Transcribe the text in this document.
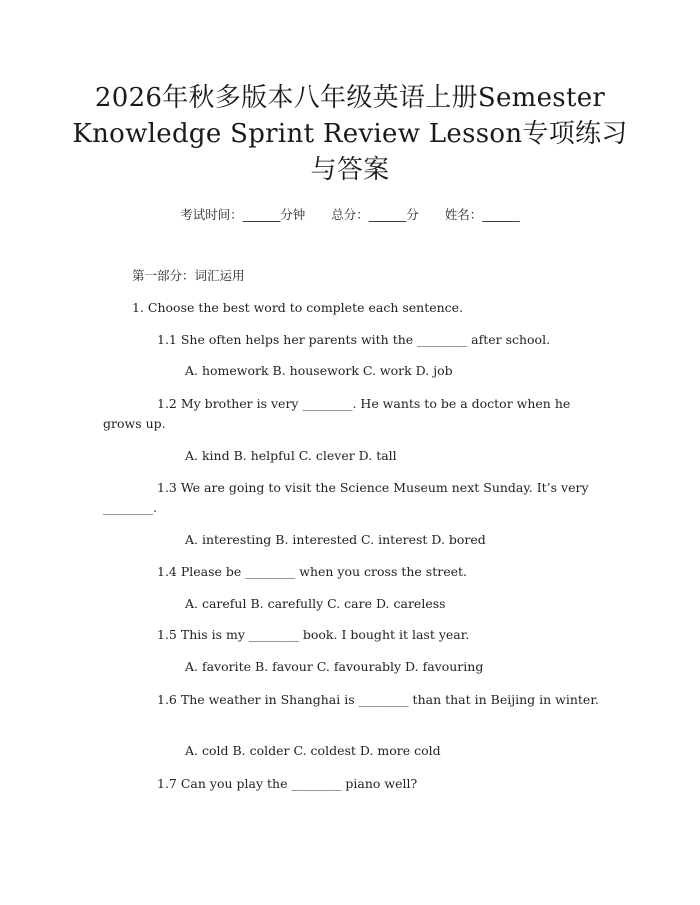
2026年秋多版本八年级英语上册Semester
Knowledge Sprint Review Lesson专项练习
与答案
考试时间：______分钟 总分：______分 姓名：______
第一部分：词汇运用
1. Choose the best word to complete each sentence.
1.1 She often helps her parents with the ________ after school.
A. homework B. housework C. work D. job
1.2 My brother is very ________. He wants to be a doctor when he grows up.
A. kind B. helpful C. clever D. tall
1.3 We are going to visit the Science Museum next Sunday. It’s very ________.
A. interesting B. interested C. interest D. bored
1.4 Please be ________ when you cross the street.
A. careful B. carefully C. care D. careless
1.5 This is my ________ book. I bought it last year.
A. favorite B. favour C. favourably D. favouring
1.6 The weather in Shanghai is ________ than that in Beijing in winter.
A. cold B. colder C. coldest D. more cold
1.7 Can you play the ________ piano well?
